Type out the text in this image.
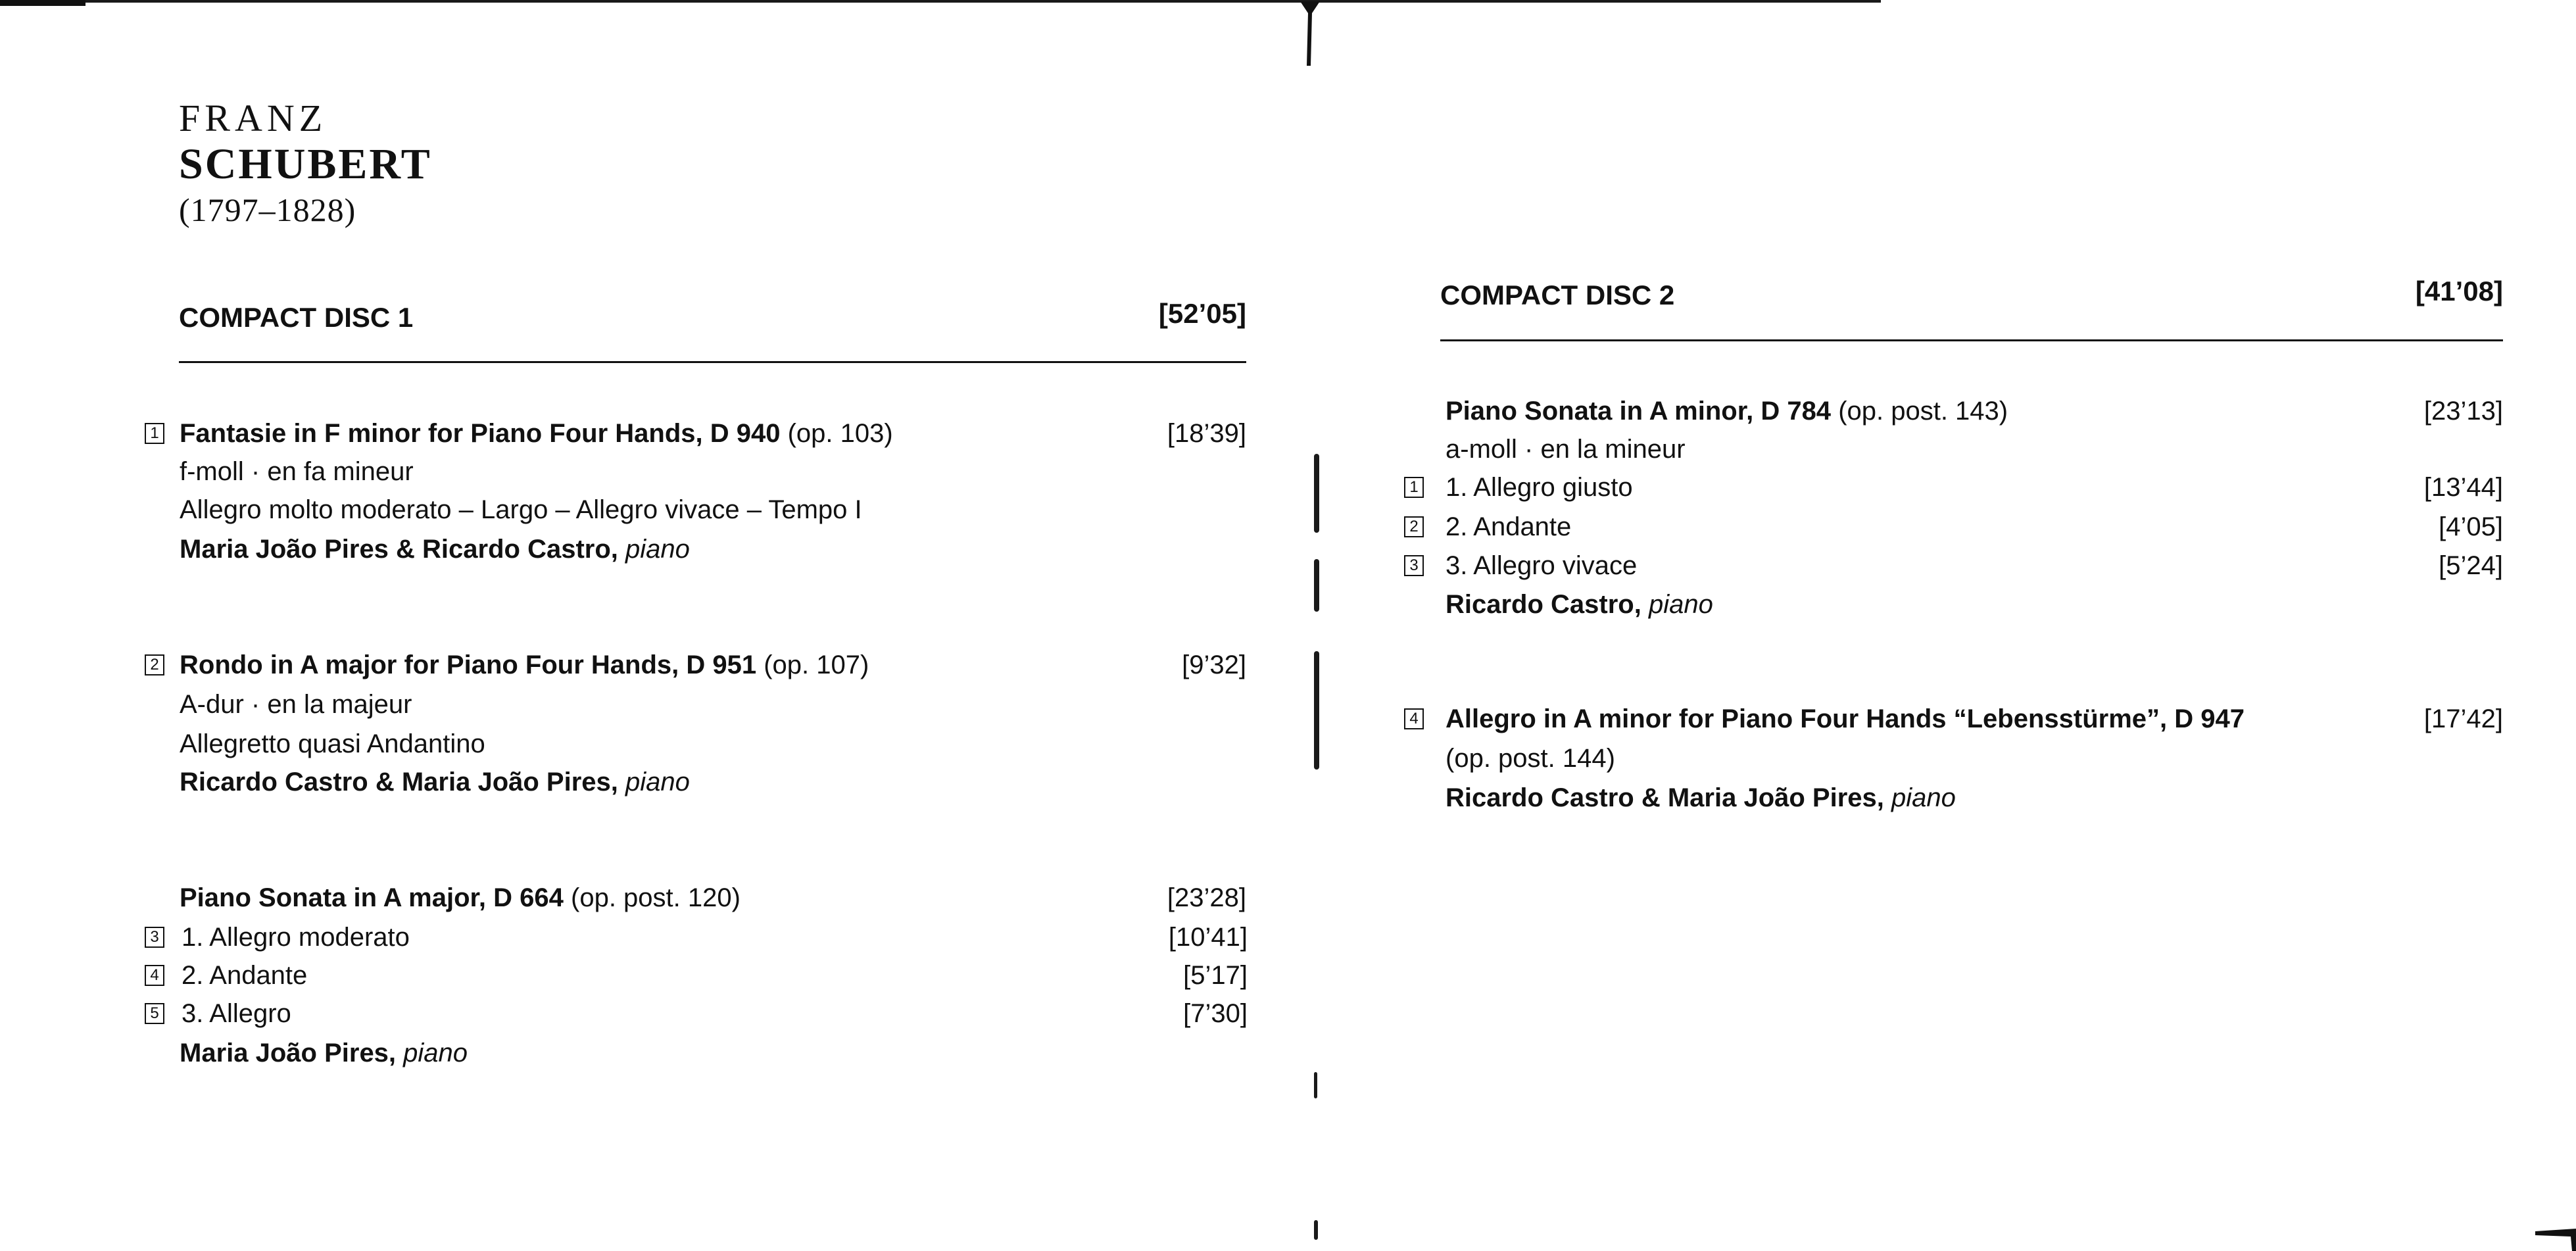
FRANZ
SCHUBERT
(1797–1828)
COMPACT DISC 1	[52’05]
1 Fantasie in F minor for Piano Four Hands, D 940 (op. 103)	[18’39]
f-moll · en fa mineur
Allegro molto moderato – Largo – Allegro vivace – Tempo I
Maria João Pires & Ricardo Castro, piano
2 Rondo in A major for Piano Four Hands, D 951 (op. 107)	[9’32]
A-dur · en la majeur
Allegretto quasi Andantino
Ricardo Castro & Maria João Pires, piano
Piano Sonata in A major, D 664 (op. post. 120)	[23’28]
3 1. Allegro moderato	[10’41]
4 2. Andante	[5’17]
5 3. Allegro	[7’30]
Maria João Pires, piano
COMPACT DISC 2	[41’08]
Piano Sonata in A minor, D 784 (op. post. 143)	[23’13]
a-moll · en la mineur
1 1. Allegro giusto	[13’44]
2 2. Andante	[4’05]
3 3. Allegro vivace	[5’24]
Ricardo Castro, piano
4 Allegro in A minor for Piano Four Hands “Lebensstürme”, D 947	[17’42]
(op. post. 144)
Ricardo Castro & Maria João Pires, piano
